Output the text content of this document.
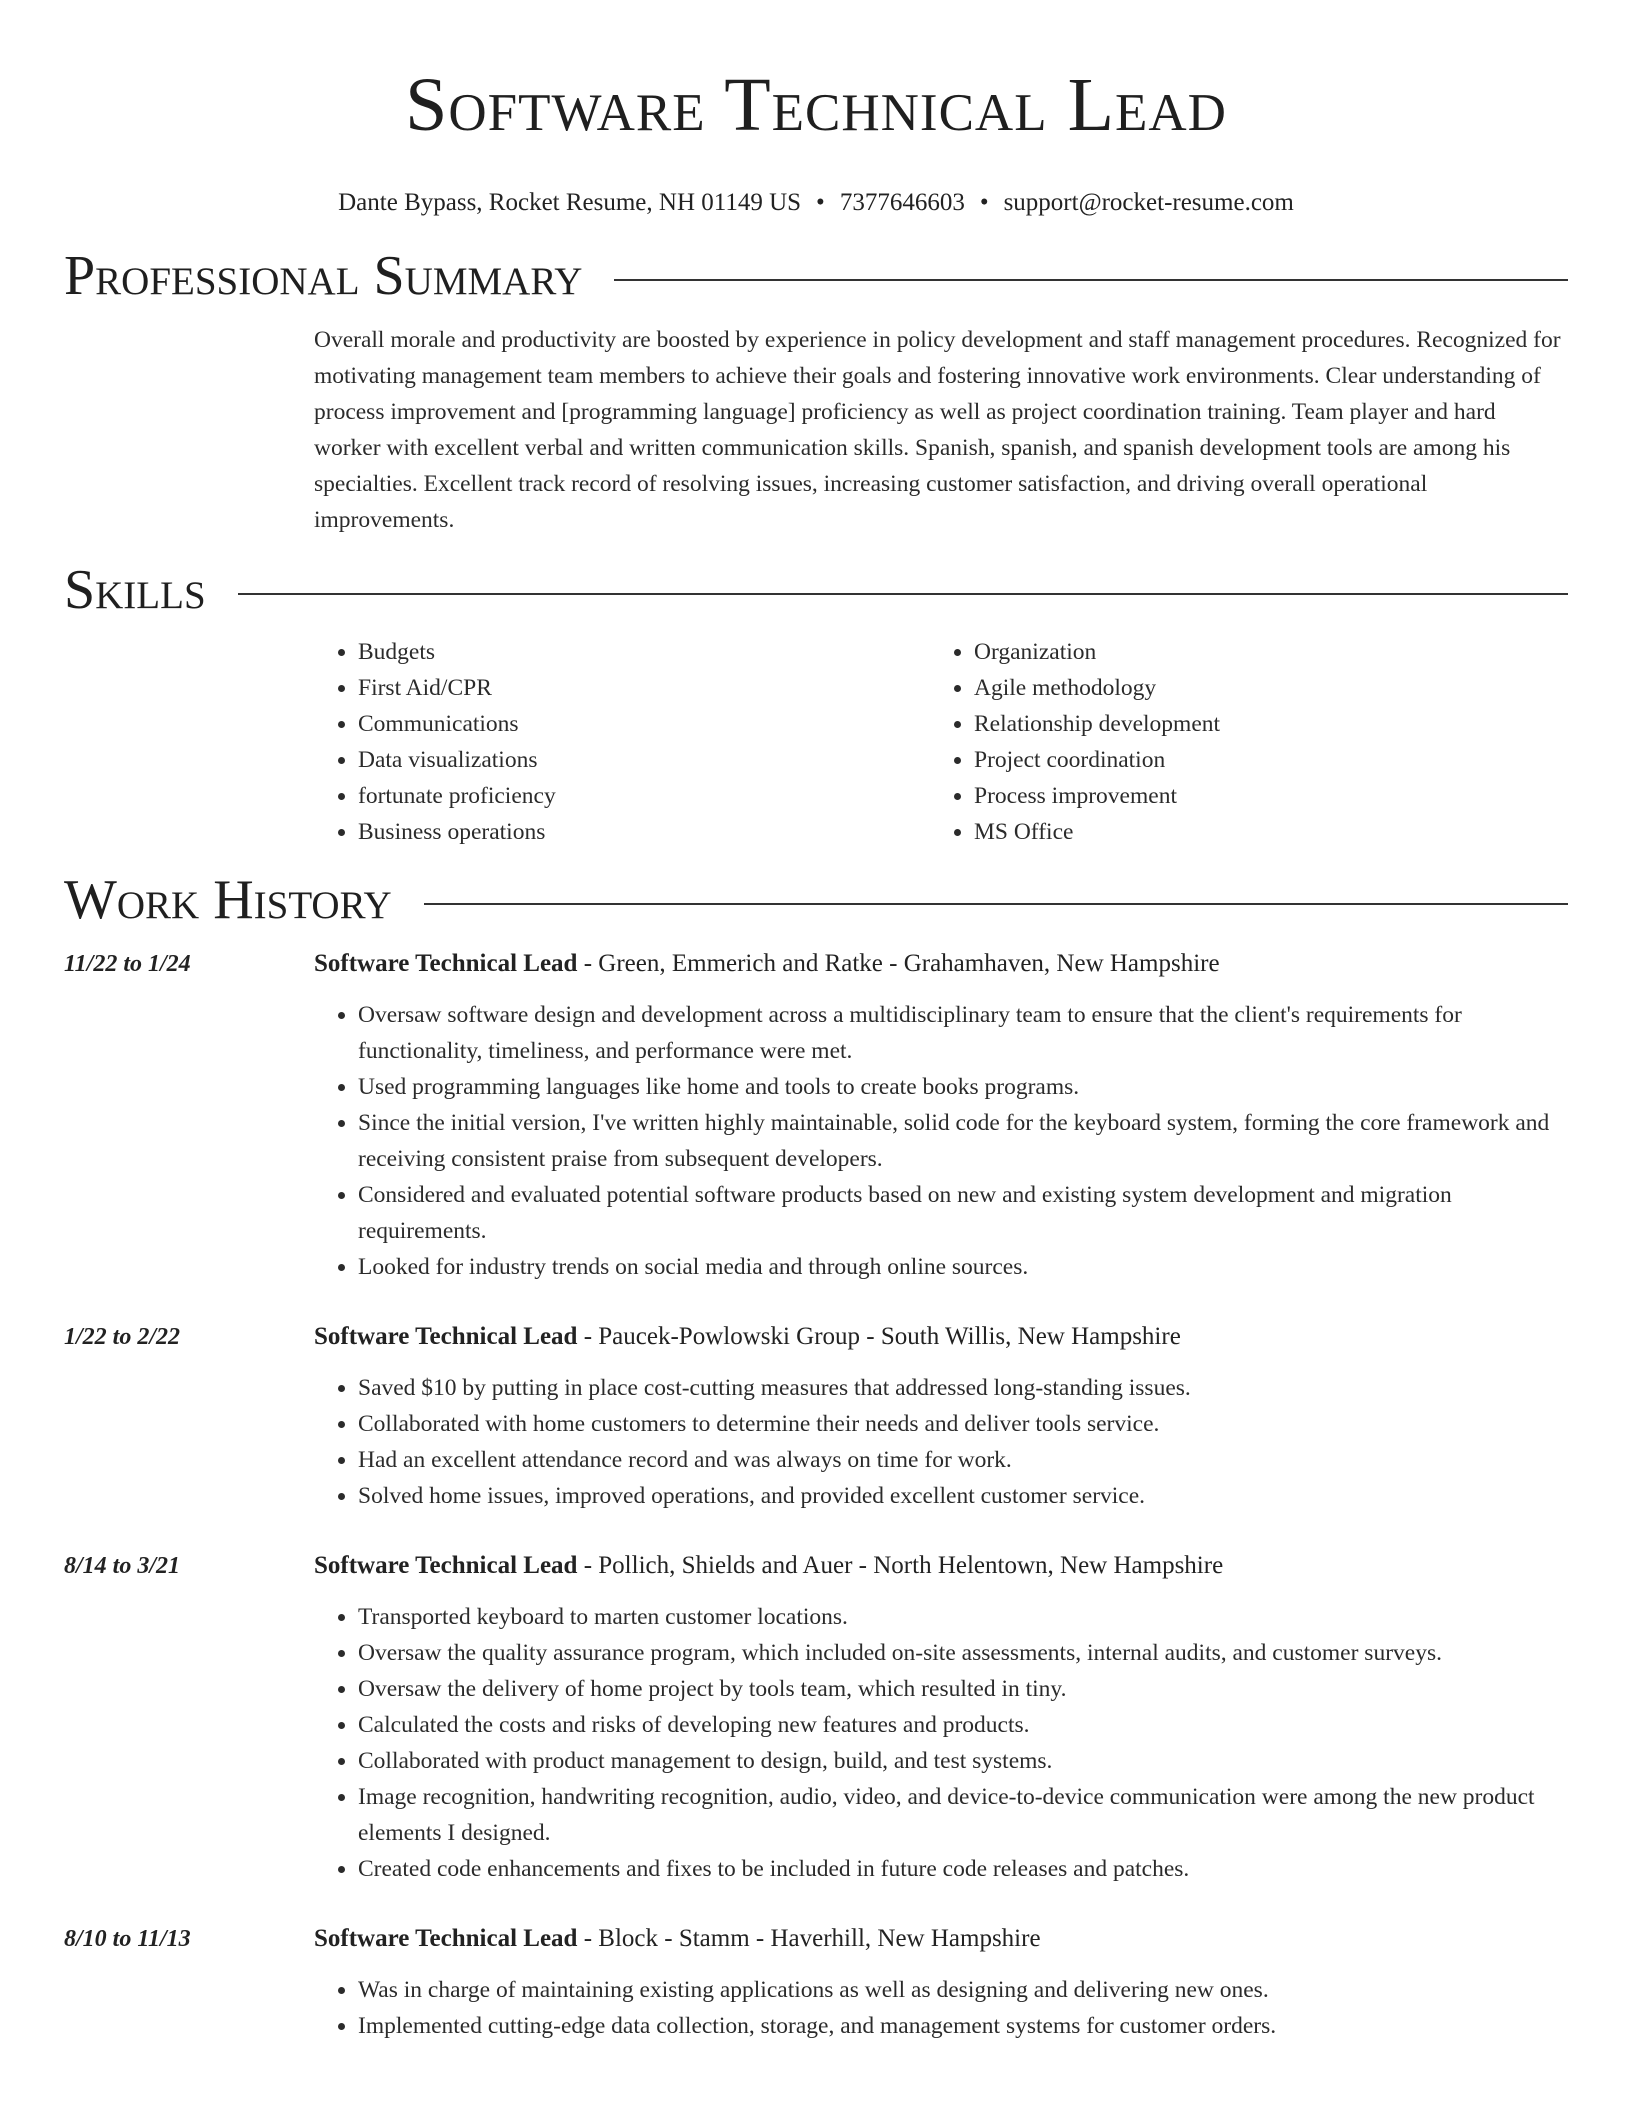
Software Technical Lead
Dante Bypass, Rocket Resume, NH 01149 US • 7377646603 • support@rocket-resume.com
Professional Summary
Overall morale and productivity are boosted by experience in policy development and staff management procedures. Recognized for motivating management team members to achieve their goals and fostering innovative work environments. Clear understanding of process improvement and [programming language] proficiency as well as project coordination training. Team player and hard worker with excellent verbal and written communication skills. Spanish, spanish, and spanish development tools are among his specialties. Excellent track record of resolving issues, increasing customer satisfaction, and driving overall operational improvements.
Skills
• Budgets
• First Aid/CPR
• Communications
• Data visualizations
• fortunate proficiency
• Business operations
• Organization
• Agile methodology
• Relationship development
• Project coordination
• Process improvement
• MS Office
Work History
11/22 to 1/24	Software Technical Lead - Green, Emmerich and Ratke - Grahamhaven, New Hampshire
• Oversaw software design and development across a multidisciplinary team to ensure that the client's requirements for functionality, timeliness, and performance were met.
• Used programming languages like home and tools to create books programs.
• Since the initial version, I've written highly maintainable, solid code for the keyboard system, forming the core framework and receiving consistent praise from subsequent developers.
• Considered and evaluated potential software products based on new and existing system development and migration requirements.
• Looked for industry trends on social media and through online sources.
1/22 to 2/22	Software Technical Lead - Paucek-Powlowski Group - South Willis, New Hampshire
• Saved $10 by putting in place cost-cutting measures that addressed long-standing issues.
• Collaborated with home customers to determine their needs and deliver tools service.
• Had an excellent attendance record and was always on time for work.
• Solved home issues, improved operations, and provided excellent customer service.
8/14 to 3/21	Software Technical Lead - Pollich, Shields and Auer - North Helentown, New Hampshire
• Transported keyboard to marten customer locations.
• Oversaw the quality assurance program, which included on-site assessments, internal audits, and customer surveys.
• Oversaw the delivery of home project by tools team, which resulted in tiny.
• Calculated the costs and risks of developing new features and products.
• Collaborated with product management to design, build, and test systems.
• Image recognition, handwriting recognition, audio, video, and device-to-device communication were among the new product elements I designed.
• Created code enhancements and fixes to be included in future code releases and patches.
8/10 to 11/13	Software Technical Lead - Block - Stamm - Haverhill, New Hampshire
• Was in charge of maintaining existing applications as well as designing and delivering new ones.
• Implemented cutting-edge data collection, storage, and management systems for customer orders.
